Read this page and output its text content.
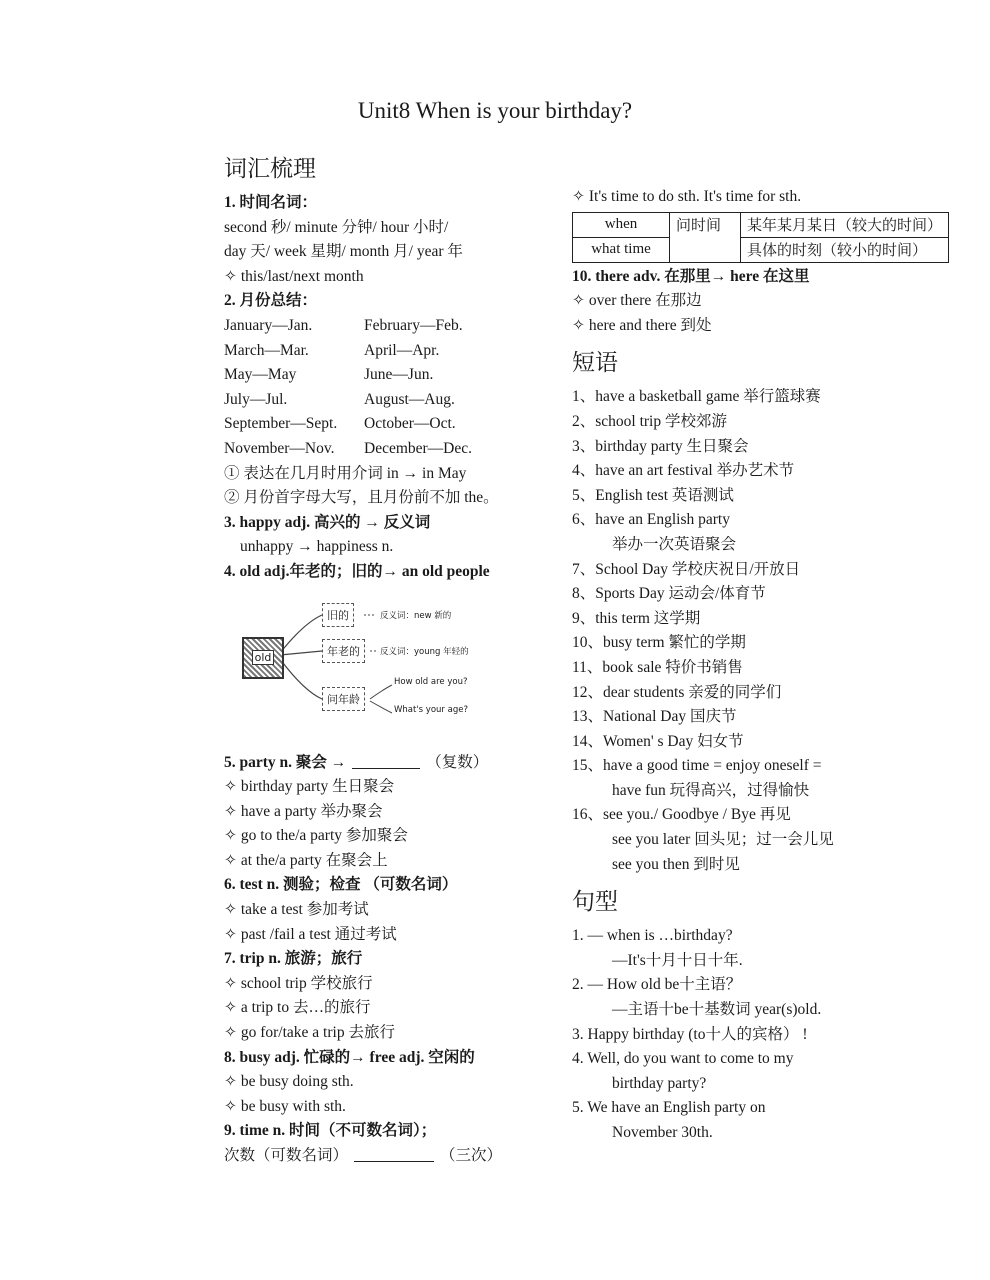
Unit8 When is your birthday?
词汇梳理
1. 时间名词：
second 秒/ minute 分钟/ hour 小时/
day 天/ week 星期/ month 月/ year 年
✧ this/last/next month
2. 月份总结：
January—Jan.	February—Feb.
March—Mar.	April—Apr.
May—May	June—Jun.
July—Jul.	August—Aug.
September—Sept.	October—Oct.
November—Nov.	December—Dec.
① 表达在几月时用介词 in → in May
② 月份首字母大写，且月份前不加 the。
3. happy adj. 高兴的 → 反义词
unhappy → happiness n.
4. old adj.年老的；旧的→ an old people
old
旧的	反义词：new 新的
年老的	反义词：young 年轻的
问年龄
How old are you?
What's your age?
5. party n. 聚会 →	（复数）
✧ birthday party 生日聚会
✧ have a party 举办聚会
✧ go to the/a party 参加聚会
✧ at the/a party 在聚会上
6. test n. 测验；检查 （可数名词）
✧ take a test 参加考试
✧ past /fail a test 通过考试
7. trip n. 旅游；旅行
✧ school trip 学校旅行
✧ a trip to 去…的旅行
✧ go for/take a trip 去旅行
8. busy adj. 忙碌的→ free adj. 空闲的
✧ be busy doing sth.
✧ be busy with sth.
9. time n. 时间（不可数名词）；
次数（可数名词）	（三次）
✧ It's time to do sth. It's time for sth.
when	问时间	某年某月某日（较大的时间）
what time		具体的时刻（较小的时间）
10. there adv. 在那里→ here 在这里
✧ over there 在那边
✧ here and there 到处
短语
1、have a basketball game 举行篮球赛
2、school trip 学校郊游
3、birthday party 生日聚会
4、have an art festival 举办艺术节
5、English test 英语测试
6、have an English party
举办一次英语聚会
7、School Day 学校庆祝日/开放日
8、Sports Day 运动会/体育节
9、this term 这学期
10、busy term 繁忙的学期
11、book sale 特价书销售
12、dear students 亲爱的同学们
13、National Day 国庆节
14、Women' s Day 妇女节
15、have a good time = enjoy oneself =
have fun 玩得高兴，过得愉快
16、see you./ Goodbye / Bye 再见
see you later 回头见；过一会儿见
see you then 到时见
句型
1. — when is …birthday?
—It's十月十日十年.
2. — How old be十主语？
—主语十be十基数词 year(s)old.
3. Happy birthday (to十人的宾格） !
4. Well, do you want to come to my
birthday party?
5. We have an English party on
November 30th.
